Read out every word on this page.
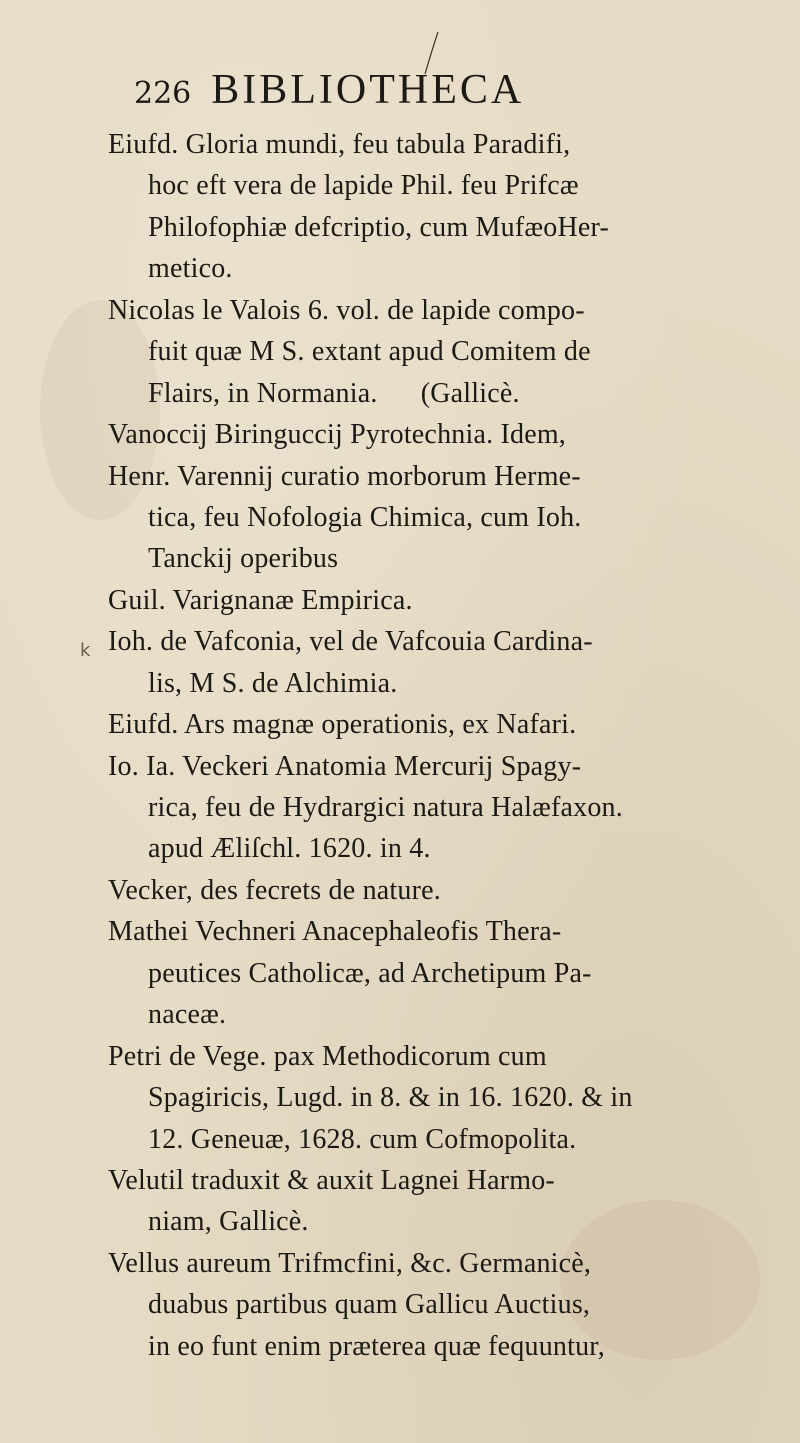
226 BIBLIOTHECA
k
Eiufd. Gloria mundi, feu tabula Paradifi,
hoc eft vera de lapide Phil. feu Prifcæ
Philofophiæ defcriptio, cum MufæoHer-
metico.
Nicolas le Valois 6. vol. de lapide compo-
fuit quæ M S. extant apud Comitem de
Flairs, in Normania.      (Gallicè.
Vanoccij Biringuccij Pyrotechnia. Idem,
Henr. Varennij curatio morborum Herme-
tica, feu Nofologia Chimica, cum Ioh.
Tanckij operibus
Guil. Varignanæ Empirica.
Ioh. de Vafconia, vel de Vafcouia Cardina-
lis, M S. de Alchimia.
Eiufd. Ars magnæ operationis, ex Nafari.
Io. Ia. Veckeri Anatomia Mercurij Spagy-
rica, feu de Hydrargici natura Halæfaxon.
apud Æliſchl. 1620. in 4.
Vecker, des fecrets de nature.
Mathei Vechneri Anacephaleofis Thera-
peutices Catholicæ, ad Archetipum Pa-
naceæ.
Petri de Vege. pax Methodicorum cum
Spagiricis, Lugd. in 8. & in 16. 1620. & in
12. Geneuæ, 1628. cum Cofmopolita.
Velutil traduxit & auxit Lagnei Harmo-
niam, Gallicè.
Vellus aureum Trifmcfini, &c. Germanicè,
duabus partibus quam Gallicu Auctius,
in eo funt enim præterea quæ fequuntur,
